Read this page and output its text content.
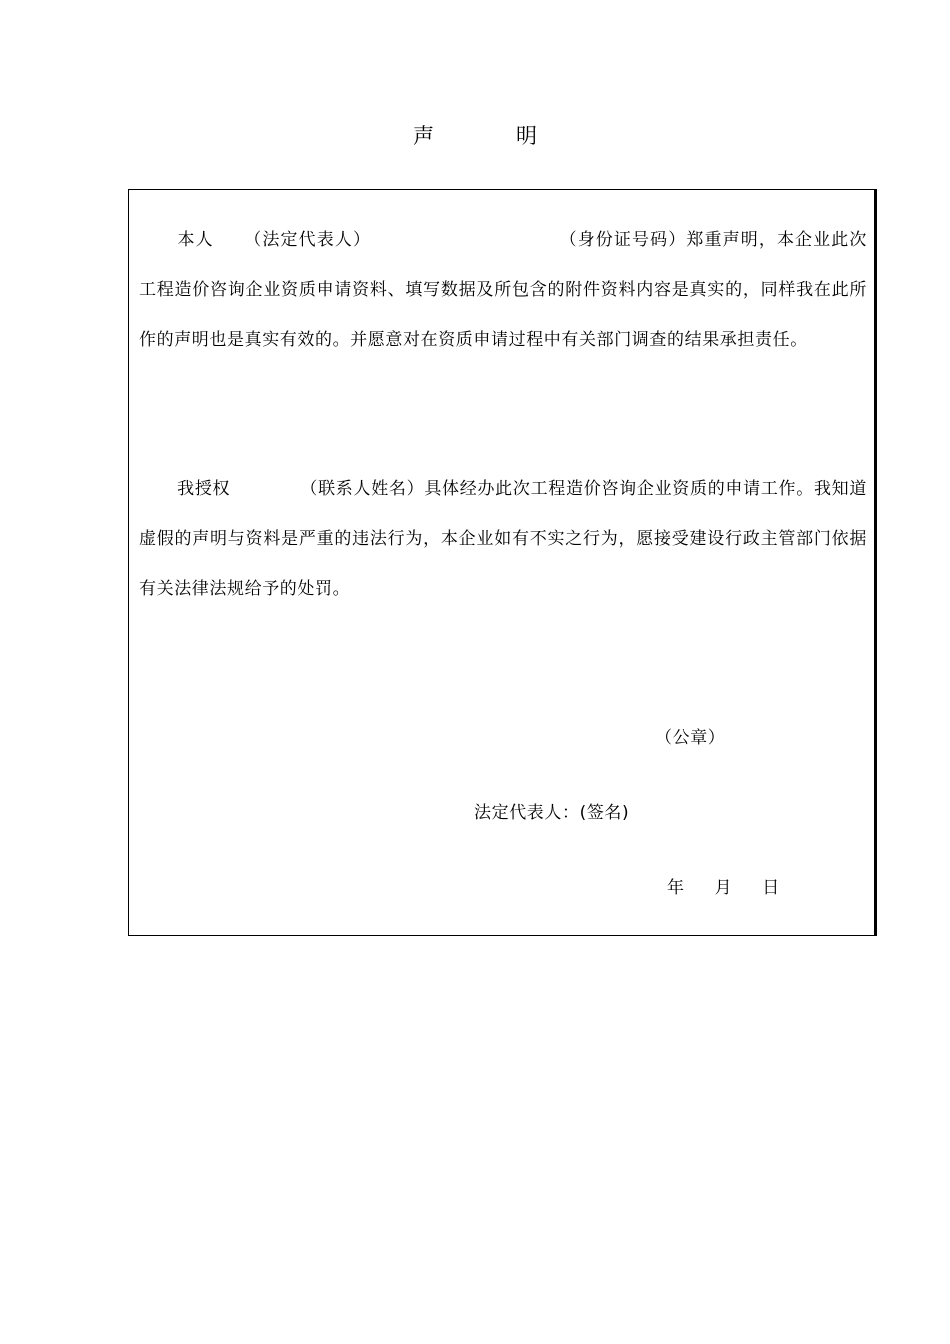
声	明
本人 （法定代表人）	（身份证号码）郑重声明，本企业此次工程造价咨询企业资质申请资料、填写数据及所包含的附件资料内容是真实的，同样我在此所作的声明也是真实有效的。并愿意对在资质申请过程中有关部门调查的结果承担责任。
我授权	（联系人姓名）具体经办此次工程造价咨询企业资质的申请工作。我知道虚假的声明与资料是严重的违法行为，本企业如有不实之行为，愿接受建设行政主管部门依据有关法律法规给予的处罚。
（公章）
法定代表人：(签名)
年 月 日
